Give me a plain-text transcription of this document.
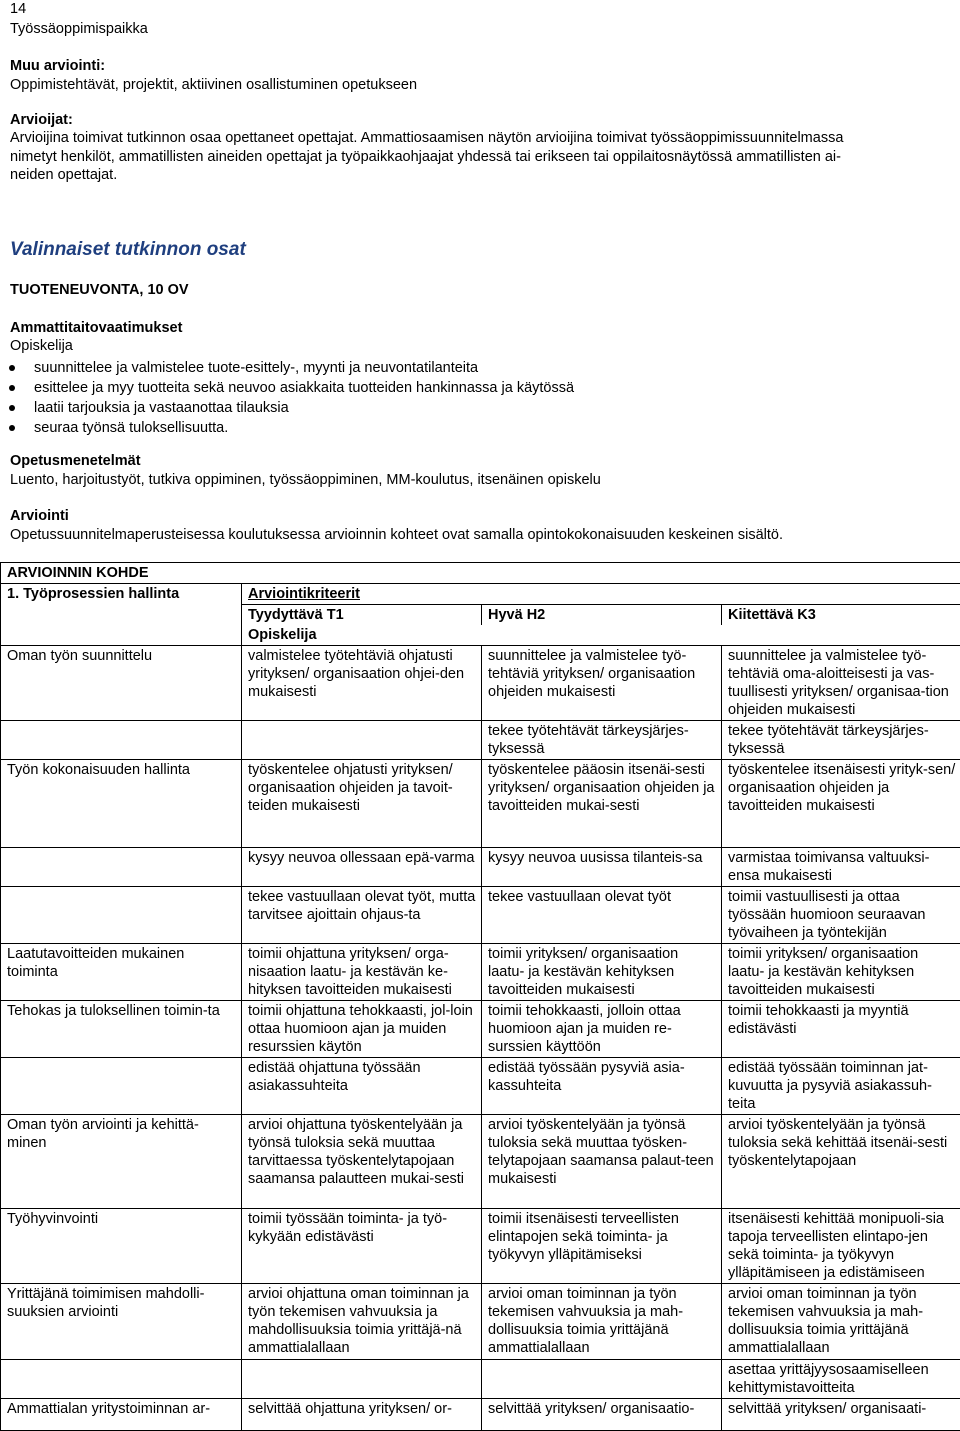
14
Työssäoppimispaikka
Muu arviointi:
Oppimistehtävät, projektit, aktiivinen osallistuminen opetukseen
Arvioijat:
Arvioijina toimivat tutkinnon osaa opettaneet opettajat. Ammattiosaamisen näytön arvioijina toimivat työssäoppimissuunnitelmassa
nimetyt henkilöt, ammatillisten aineiden opettajat ja työpaikkaohjaajat yhdessä tai erikseen tai oppilaitosnäytössä ammatillisten ai-
neiden opettajat.
Valinnaiset tutkinnon osat
TUOTENEUVONTA, 10 OV
Ammattitaitovaatimukset
Opiskelija
suunnittelee ja valmistelee tuote-esittely-, myynti ja neuvontatilanteita
esittelee ja myy tuotteita sekä neuvoo asiakkaita tuotteiden hankinnassa ja käytössä
laatii tarjouksia ja vastaanottaa tilauksia
seuraa työnsä tuloksellisuutta.
Opetusmenetelmät
Luento, harjoitustyöt, tutkiva oppiminen, työssäoppiminen, MM-koulutus, itsenäinen opiskelu
Arviointi
Opetussuunnitelmaperusteisessa koulutuksessa arvioinnin kohteet ovat samalla opintokokonaisuuden keskeinen sisältö.
ARVIOINNIN KOHDE			
1. Työprosessien hallinta	Arviointikriteerit		
	Tyydyttävä T1	Hyvä H2	Kiitettävä K3
	Opiskelija		
Oman työn suunnittelu	valmistelee työtehtäviä ohjatusti yrityksen/ organisaation ohjei-den mukaisesti	suunnittelee ja valmistelee työ-tehtäviä yrityksen/ organisaation ohjeiden mukaisesti	suunnittelee ja valmistelee työ-tehtäviä oma-aloitteisesti ja vas-tuullisesti yrityksen/ organisaa-tion ohjeiden mukaisesti
		tekee työtehtävät tärkeysjärjes-tyksessä	tekee työtehtävät tärkeysjärjes-tyksessä
Työn kokonaisuuden hallinta	työskentelee ohjatusti yrityksen/ organisaation ohjeiden ja tavoit-teiden mukaisesti	työskentelee pääosin itsenäi-sesti yrityksen/ organisaation ohjeiden ja tavoitteiden mukai-sesti	työskentelee itsenäisesti yrityk-sen/ organisaation ohjeiden ja tavoitteiden mukaisesti
	kysyy neuvoa ollessaan epä-varma	kysyy neuvoa uusissa tilanteis-sa	varmistaa toimivansa valtuuksi-ensa mukaisesti
	tekee vastuullaan olevat työt, mutta tarvitsee ajoittain ohjaus-ta	tekee vastuullaan olevat työt	toimii vastuullisesti ja ottaa työssään huomioon seuraavan työvaiheen ja työntekijän
Laatutavoitteiden mukainen toiminta	toimii ohjattuna yrityksen/ orga-nisaation laatu- ja kestävän ke-hityksen tavoitteiden mukaisesti	toimii yrityksen/ organisaation laatu- ja kestävän kehityksen tavoitteiden mukaisesti	toimii yrityksen/ organisaation laatu- ja kestävän kehityksen tavoitteiden mukaisesti
Tehokas ja tuloksellinen toimin-ta	toimii ohjattuna tehokkaasti, jol-loin ottaa huomioon ajan ja muiden resurssien käytön	toimii tehokkaasti, jolloin ottaa huomioon ajan ja muiden re-surssien käyttöön	toimii tehokkaasti ja myyntiä edistävästi
	edistää ohjattuna työssään asiakassuhteita	edistää työssään pysyviä asia-kassuhteita	edistää työssään toiminnan jat-kuvuutta ja pysyviä asiakassuh-teita
Oman työn arviointi ja kehittä-minen	arvioi ohjattuna työskentelyään ja työnsä tuloksia sekä muuttaa tarvittaessa työskentelytapojaan saamansa palautteen mukai-sesti	arvioi työskentelyään ja työnsä tuloksia sekä muuttaa työsken-telytapojaan saamansa palaut-teen mukaisesti	arvioi työskentelyään ja työnsä tuloksia sekä kehittää itsenäi-sesti työskentelytapojaan
Työhyvinvointi	toimii työssään toiminta- ja työ-kykyään edistävästi	toimii itsenäisesti terveellisten elintapojen sekä toiminta- ja työkyvyn ylläpitämiseksi	itsenäisesti kehittää monipuoli-sia tapoja terveellisten elintapo-jen sekä toiminta- ja työkyvyn ylläpitämiseen ja edistämiseen
Yrittäjänä toimimisen mahdolli-suuksien arviointi	arvioi ohjattuna oman toiminnan ja työn tekemisen vahvuuksia ja mahdollisuuksia toimia yrittäjä-nä ammattialallaan	arvioi oman toiminnan ja työn tekemisen vahvuuksia ja mah-dollisuuksia toimia yrittäjänä ammattialallaan	arvioi oman toiminnan ja työn tekemisen vahvuuksia ja mah-dollisuuksia toimia yrittäjänä ammattialallaan
			asettaa yrittäjyysosaamiselleen kehittymistavoitteita
Ammattialan yritystoiminnan ar-	selvittää ohjattuna yrityksen/ or-	selvittää yrityksen/ organisaatio-	selvittää yrityksen/ organisaati-
